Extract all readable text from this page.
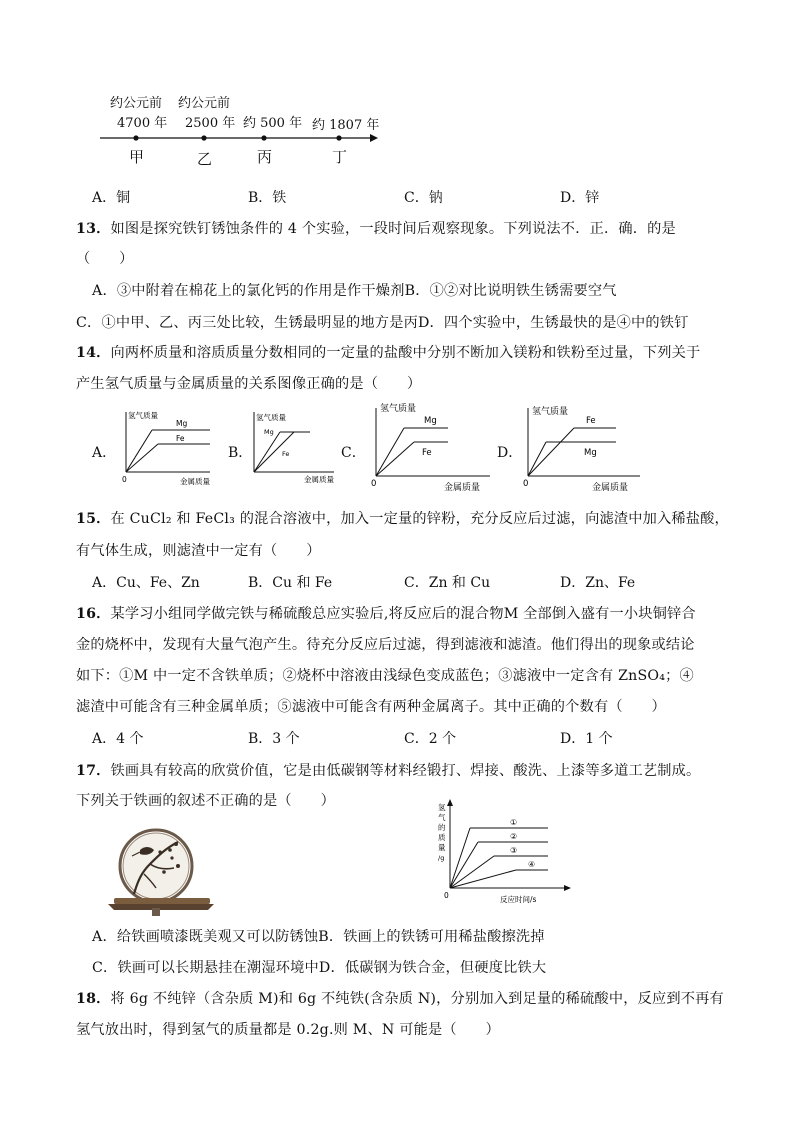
约公元前 约公元前
4700 年 2500 年 约 500 年 约 1807 年
甲	乙	丙	丁
A．铜	B．铁	C．钠	D．锌
13．如图是探究铁钉锈蚀条件的 4 个实验，一段时间后观察现象。下列说法不．正．确．的是
（　　）
A．③中附着在棉花上的氯化钙的作用是作干燥剂B．①②对比说明铁生锈需要空气
C．①中甲、乙、丙三处比较，生锈最明显的地方是丙D．四个实验中，生锈最快的是④中的铁钉
14．向两杯质量和溶质质量分数相同的一定量的盐酸中分别不断加入镁粉和铁粉至过量，下列关于
产生氢气质量与金属质量的关系图像正确的是（　　）
A．
氢气质量
Mg
Fe
0	金属质量
B．
氢气质量
Mg
Fe
金属质量
C．
氢气质量
Mg
Fe
0	金属质量
D．
氢气质量
Fe
Mg
0	金属质量
15．在 CuCl₂ 和 FeCl₃ 的混合溶液中，加入一定量的锌粉，充分反应后过滤，向滤渣中加入稀盐酸，
有气体生成，则滤渣中一定有（　　）
A．Cu、Fe、Zn	B．Cu 和 Fe	C．Zn 和 Cu	D．Zn、Fe
16．某学习小组同学做完铁与稀硫酸总应实验后,将反应后的混合物M 全部倒入盛有一小块铜锌合
金的烧杯中，发现有大量气泡产生。待充分反应后过滤，得到滤液和滤渣。他们得出的现象或结论
如下：①M 中一定不含铁单质；②烧杯中溶液由浅绿色变成蓝色；③滤液中一定含有 ZnSO₄；④
滤渣中可能含有三种金属单质；⑤滤液中可能含有两种金属离子。其中正确的个数有（　　）
A．4 个	B．3 个	C．2 个	D．1 个
17．铁画具有较高的欣赏价值，它是由低碳钢等材料经锻打、焊接、酸洗、上漆等多道工艺制成。
下列关于铁画的叙述不正确的是（　　）	氢
气
的
质
量
/g
①
②
③
④
0	反应时间/s
A．给铁画喷漆既美观又可以防锈蚀B．铁画上的铁锈可用稀盐酸擦洗掉
C．铁画可以长期悬挂在潮湿环境中D．低碳钢为铁合金，但硬度比铁大
18．将 6g 不纯锌（含杂质 M)和 6g 不纯铁(含杂质 N)，分别加入到足量的稀硫酸中，反应到不再有
氢气放出时，得到氢气的质量都是 0.2g.则 M、N 可能是（　　）
